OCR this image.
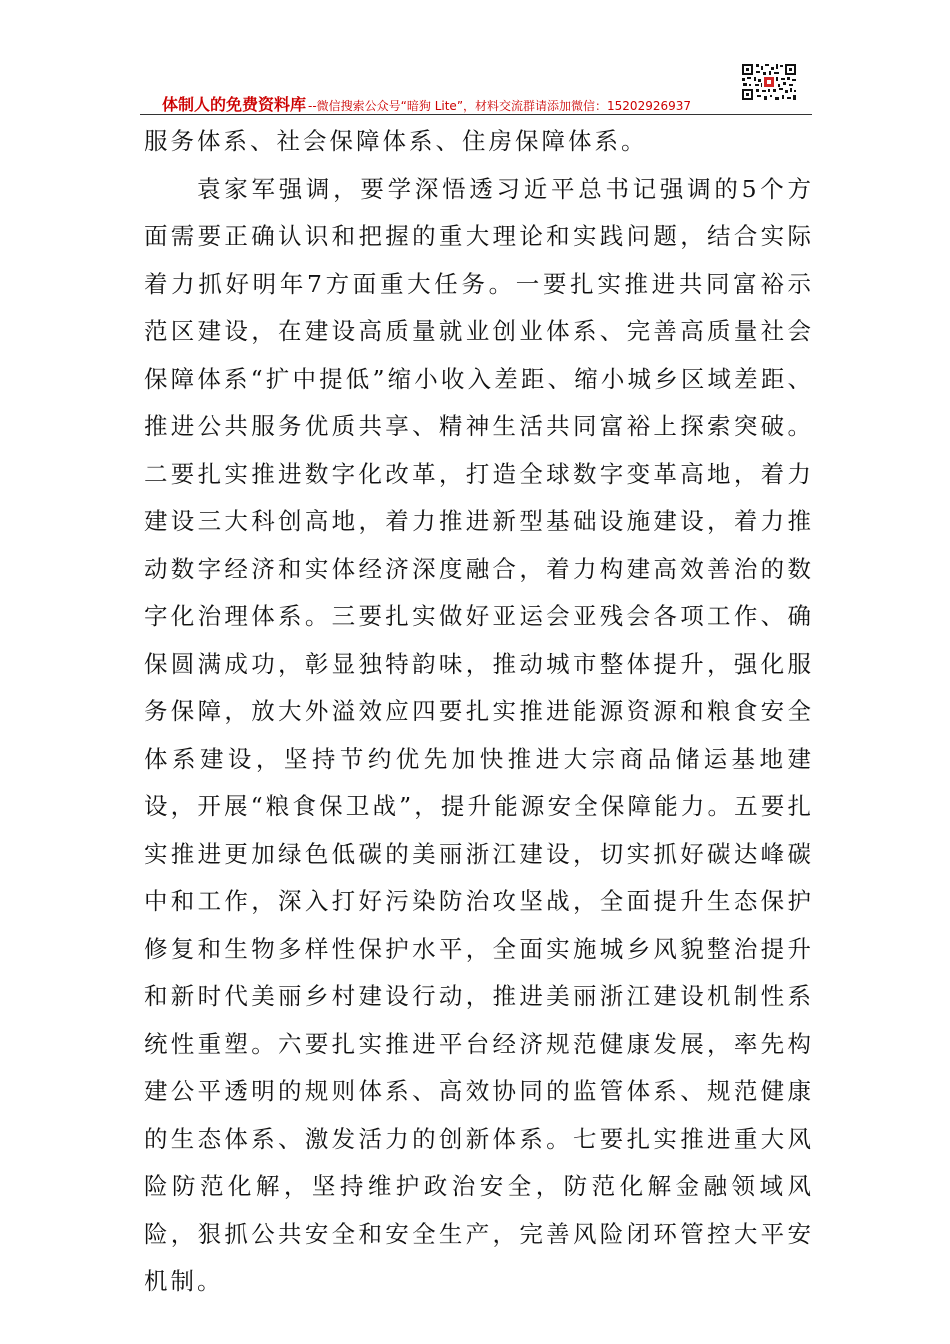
体制人的免费资料库 --微信搜索公众号“暗狗 Lite”，材料交流群请添加微信：15202926937

服务体系、社会保障体系、住房保障体系。

袁家军强调，要学深悟透习近平总书记强调的5个方面需要正确认识和把握的重大理论和实践问题，结合实际着力抓好明年7方面重大任务。一要扎实推进共同富裕示范区建设，在建设高质量就业创业体系、完善高质量社会保障体系“扩中提低”缩小收入差距、缩小城乡区域差距、推进公共服务优质共享、精神生活共同富裕上探索突破。二要扎实推进数字化改革，打造全球数字变革高地，着力建设三大科创高地，着力推进新型基础设施建设，着力推动数字经济和实体经济深度融合，着力构建高效善治的数字化治理体系。三要扎实做好亚运会亚残会各项工作、确保圆满成功，彰显独特韵味，推动城市整体提升，强化服务保障，放大外溢效应四要扎实推进能源资源和粮食安全体系建设，坚持节约优先加快推进大宗商品储运基地建设，开展“粮食保卫战”，提升能源安全保障能力。五要扎实推进更加绿色低碳的美丽浙江建设，切实抓好碳达峰碳中和工作，深入打好污染防治攻坚战，全面提升生态保护修复和生物多样性保护水平，全面实施城乡风貌整治提升和新时代美丽乡村建设行动，推进美丽浙江建设机制性系统性重塑。六要扎实推进平台经济规范健康发展，率先构建公平透明的规则体系、高效协同的监管体系、规范健康的生态体系、激发活力的创新体系。七要扎实推进重大风险防范化解，坚持维护政治安全，防范化解金融领域风险，狠抓公共安全和安全生产，完善风险闭环管控大平安机制。
